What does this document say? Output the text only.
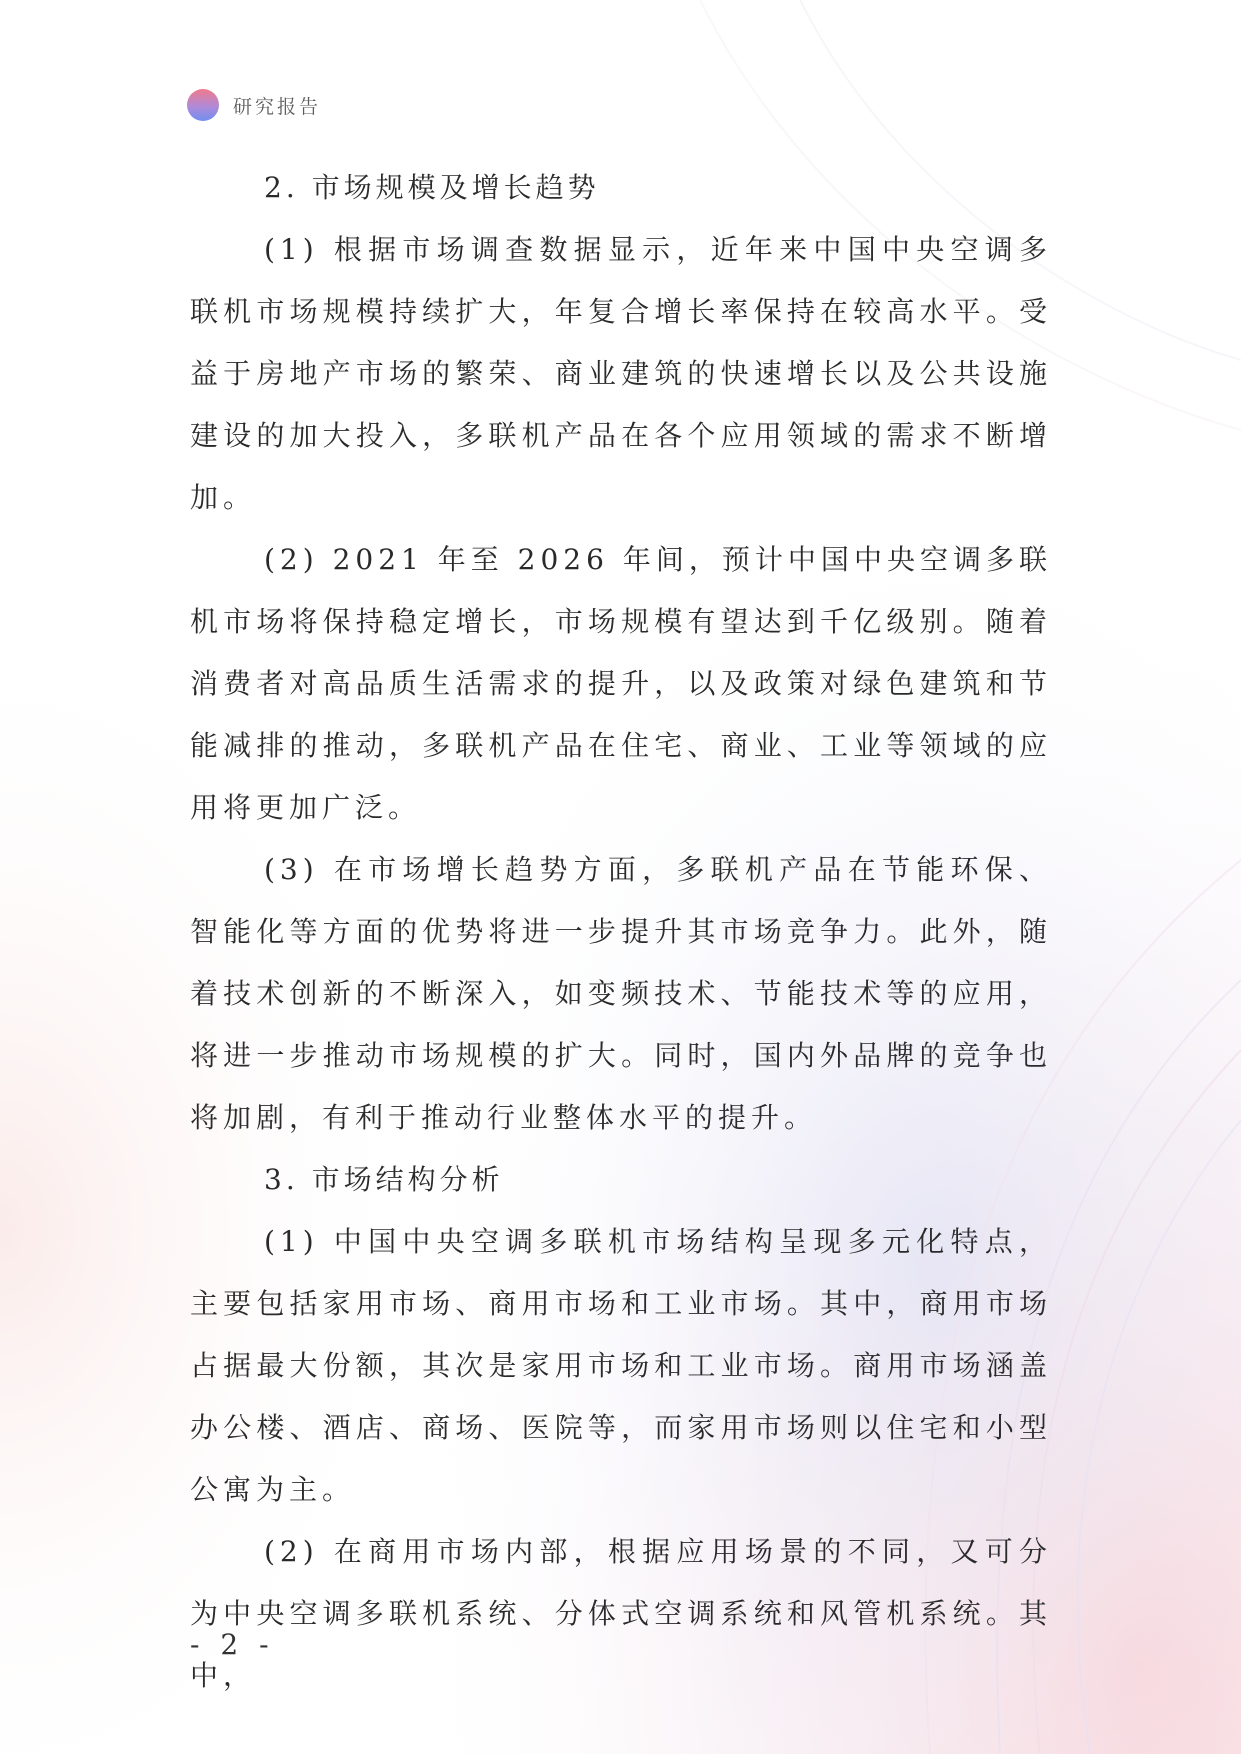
研究报告

2. 市场规模及增长趋势

(1) 根据市场调查数据显示，近年来中国中央空调多联机市场规模持续扩大，年复合增长率保持在较高水平。受益于房地产市场的繁荣、商业建筑的快速增长以及公共设施建设的加大投入，多联机产品在各个应用领域的需求不断增加。

(2) 2021 年至 2026 年间，预计中国中央空调多联机市场将保持稳定增长，市场规模有望达到千亿级别。随着消费者对高品质生活需求的提升，以及政策对绿色建筑和节能减排的推动，多联机产品在住宅、商业、工业等领域的应用将更加广泛。

(3) 在市场增长趋势方面，多联机产品在节能环保、智能化等方面的优势将进一步提升其市场竞争力。此外，随着技术创新的不断深入，如变频技术、节能技术等的应用，将进一步推动市场规模的扩大。同时，国内外品牌的竞争也将加剧，有利于推动行业整体水平的提升。

3. 市场结构分析

(1) 中国中央空调多联机市场结构呈现多元化特点，主要包括家用市场、商用市场和工业市场。其中，商用市场占据最大份额，其次是家用市场和工业市场。商用市场涵盖办公楼、酒店、商场、医院等，而家用市场则以住宅和小型公寓为主。

(2) 在商用市场内部，根据应用场景的不同，又可分为中央空调多联机系统、分体式空调系统和风管机系统。其中，

- 2 -
